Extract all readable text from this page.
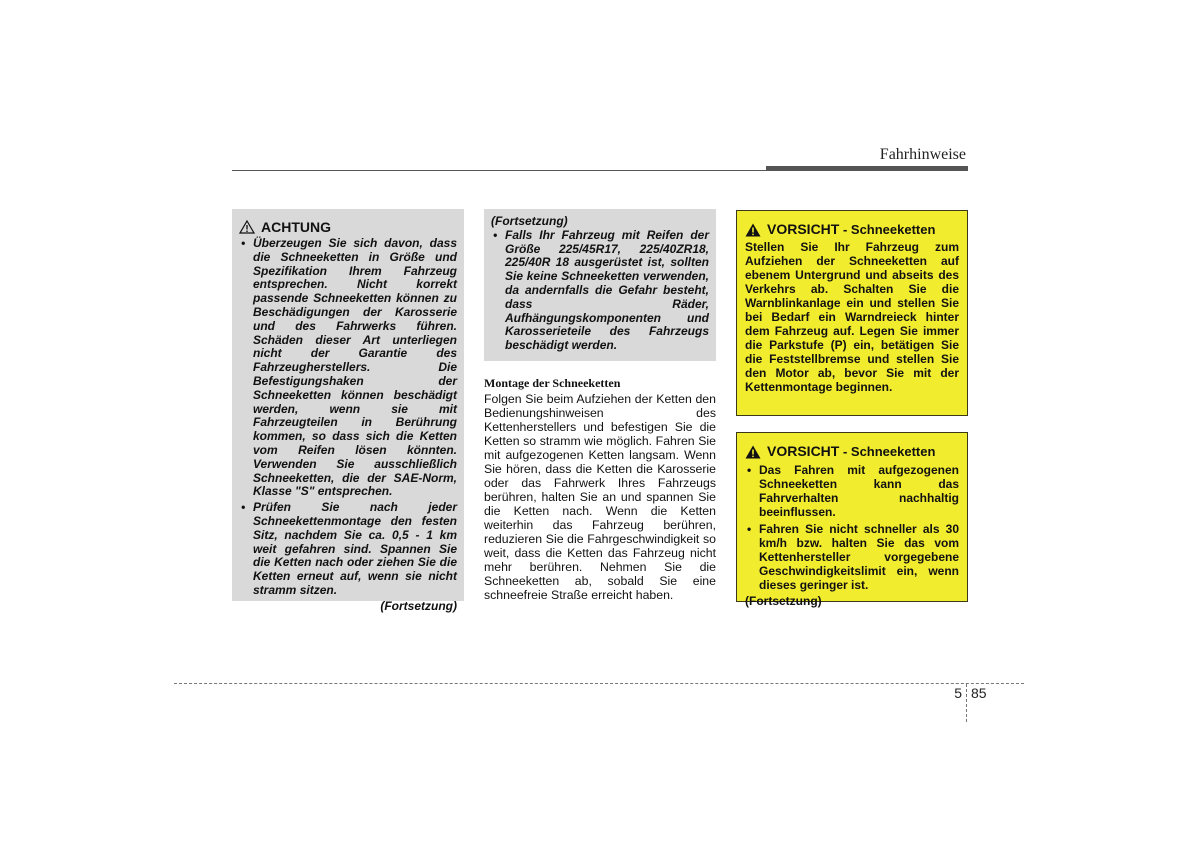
Fahrhinweise
ACHTUNG
• Überzeugen Sie sich davon, dass die Schneeketten in Größe und Spezifikation Ihrem Fahrzeug entsprechen. Nicht korrekt passende Schneeketten können zu Beschädigungen der Karosserie und des Fahrwerks führen. Schäden dieser Art unterliegen nicht der Garantie des Fahrzeugherstellers. Die Befestigungshaken der Schneeketten können beschädigt werden, wenn sie mit Fahrzeugteilen in Berührung kommen, so dass sich die Ketten vom Reifen lösen könnten. Verwenden Sie ausschließlich Schneeketten, die der SAE-Norm, Klasse "S" entsprechen.
• Prüfen Sie nach jeder Schneekettenmontage den festen Sitz, nachdem Sie ca. 0,5 - 1 km weit gefahren sind. Spannen Sie die Ketten nach oder ziehen Sie die Ketten erneut auf, wenn sie nicht stramm sitzen.
(Fortsetzung)
(Fortsetzung)
• Falls Ihr Fahrzeug mit Reifen der Größe 225/45R17, 225/40ZR18, 225/40R 18 ausgerüstet ist, sollten Sie keine Schneeketten verwenden, da andernfalls die Gefahr besteht, dass Räder, Aufhängungskomponenten und Karosserieteile des Fahrzeugs beschädigt werden.
Montage der Schneeketten
Folgen Sie beim Aufziehen der Ketten den Bedienungshinweisen des Kettenherstellers und befestigen Sie die Ketten so stramm wie möglich. Fahren Sie mit aufgezogenen Ketten langsam. Wenn Sie hören, dass die Ketten die Karosserie oder das Fahrwerk Ihres Fahrzeugs berühren, halten Sie an und spannen Sie die Ketten nach. Wenn die Ketten weiterhin das Fahrzeug berühren, reduzieren Sie die Fahrgeschwindigkeit so weit, dass die Ketten das Fahrzeug nicht mehr berühren. Nehmen Sie die Schneeketten ab, sobald Sie eine schneefreie Straße erreicht haben.
VORSICHT - Schneeketten
Stellen Sie Ihr Fahrzeug zum Aufziehen der Schneeketten auf ebenem Untergrund und abseits des Verkehrs ab. Schalten Sie die Warnblinkanlage ein und stellen Sie bei Bedarf ein Warndreieck hinter dem Fahrzeug auf. Legen Sie immer die Parkstufe (P) ein, betätigen Sie die Feststellbremse und stellen Sie den Motor ab, bevor Sie mit der Kettenmontage beginnen.
VORSICHT - Schneeketten
• Das Fahren mit aufgezogenen Schneeketten kann das Fahrverhalten nachhaltig beeinflussen.
• Fahren Sie nicht schneller als 30 km/h bzw. halten Sie das vom Kettenhersteller vorgegebene Geschwindigkeitslimit ein, wenn dieses geringer ist.
(Fortsetzung)
5 85
